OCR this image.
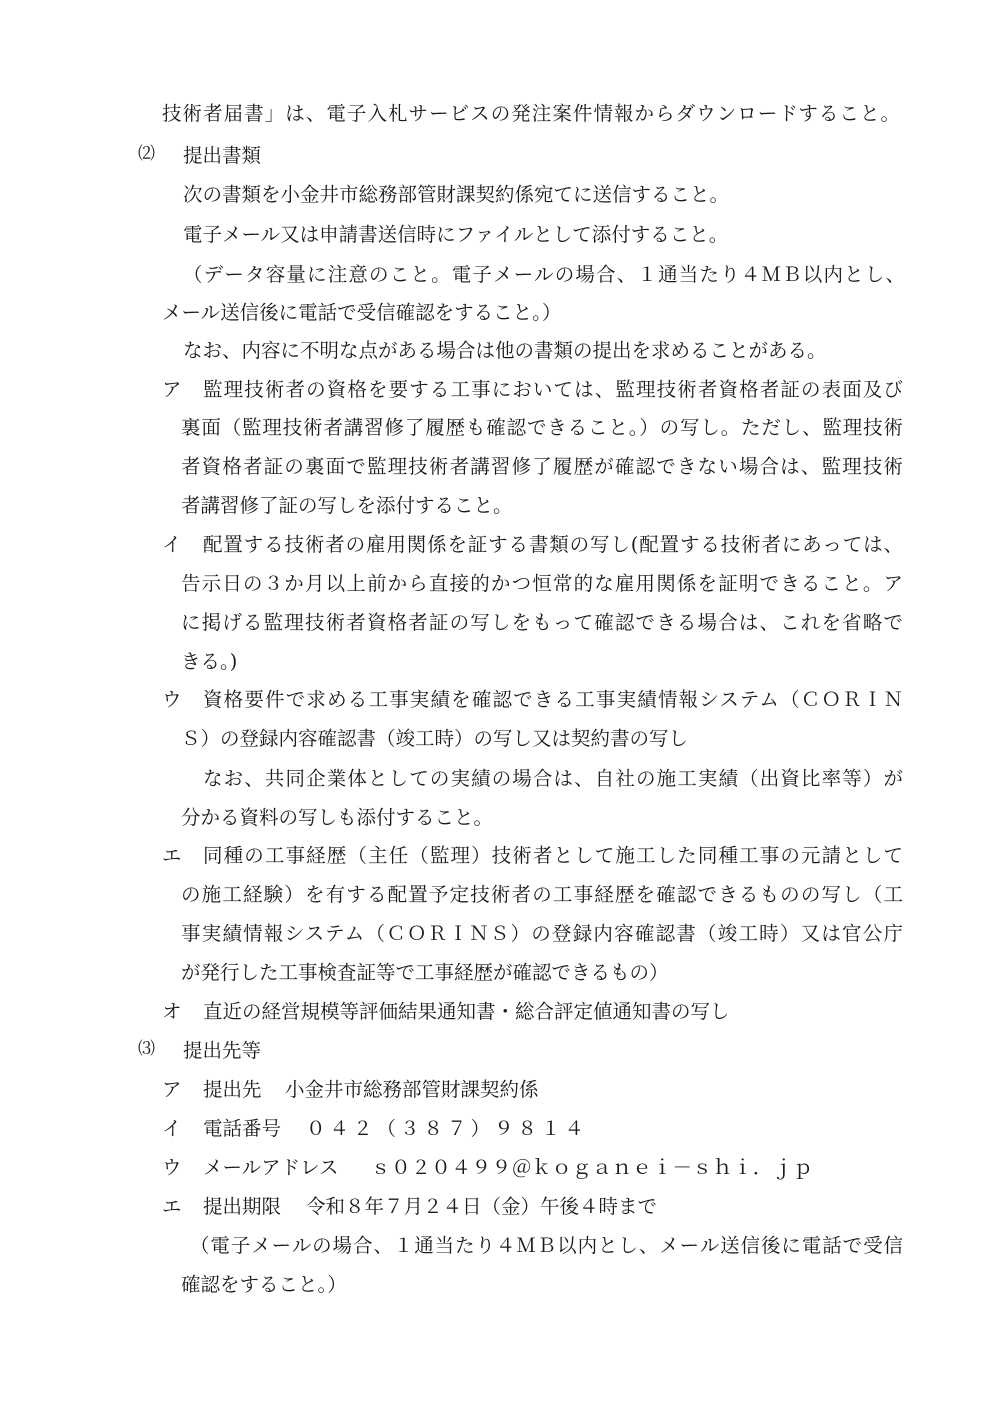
技術者届書」は、電子入札サービスの発注案件情報からダウンロードすること。
⑵ 提出書類
次の書類を小金井市総務部管財課契約係宛てに送信すること。
電子メール又は申請書送信時にファイルとして添付すること。
（データ容量に注意のこと。電子メールの場合、１通当たり４ＭＢ以内とし、
メール送信後に電話で受信確認をすること。）
なお、内容に不明な点がある場合は他の書類の提出を求めることがある。
ア 監理技術者の資格を要する工事においては、監理技術者資格者証の表面及び
裏面（監理技術者講習修了履歴も確認できること。）の写し。ただし、監理技術
者資格者証の裏面で監理技術者講習修了履歴が確認できない場合は、監理技術
者講習修了証の写しを添付すること。
イ 配置する技術者の雇用関係を証する書類の写し(配置する技術者にあっては、
告示日の３か月以上前から直接的かつ恒常的な雇用関係を証明できること。ア
に掲げる監理技術者資格者証の写しをもって確認できる場合は、これを省略で
きる。)
ウ 資格要件で求める工事実績を確認できる工事実績情報システム（ＣＯＲＩＮ
Ｓ）の登録内容確認書（竣工時）の写し又は契約書の写し
なお、共同企業体としての実績の場合は、自社の施工実績（出資比率等）が
分かる資料の写しも添付すること。
エ 同種の工事経歴（主任（監理）技術者として施工した同種工事の元請として
の施工経験）を有する配置予定技術者の工事経歴を確認できるものの写し（工
事実績情報システム（ＣＯＲＩＮＳ）の登録内容確認書（竣工時）又は官公庁
が発行した工事検査証等で工事経歴が確認できるもの）
オ 直近の経営規模等評価結果通知書・総合評定値通知書の写し
⑶ 提出先等
ア 提出先 小金井市総務部管財課契約係
イ 電話番号 ０４２（３８７）９８１４
ウ メールアドレス ｓ０２０４９９＠ｋｏｇａｎｅｉ－ｓｈｉ．ｊｐ
エ 提出期限 令和８年７月２４日（金）午後４時まで
（電子メールの場合、１通当たり４ＭＢ以内とし、メール送信後に電話で受信
確認をすること。）
